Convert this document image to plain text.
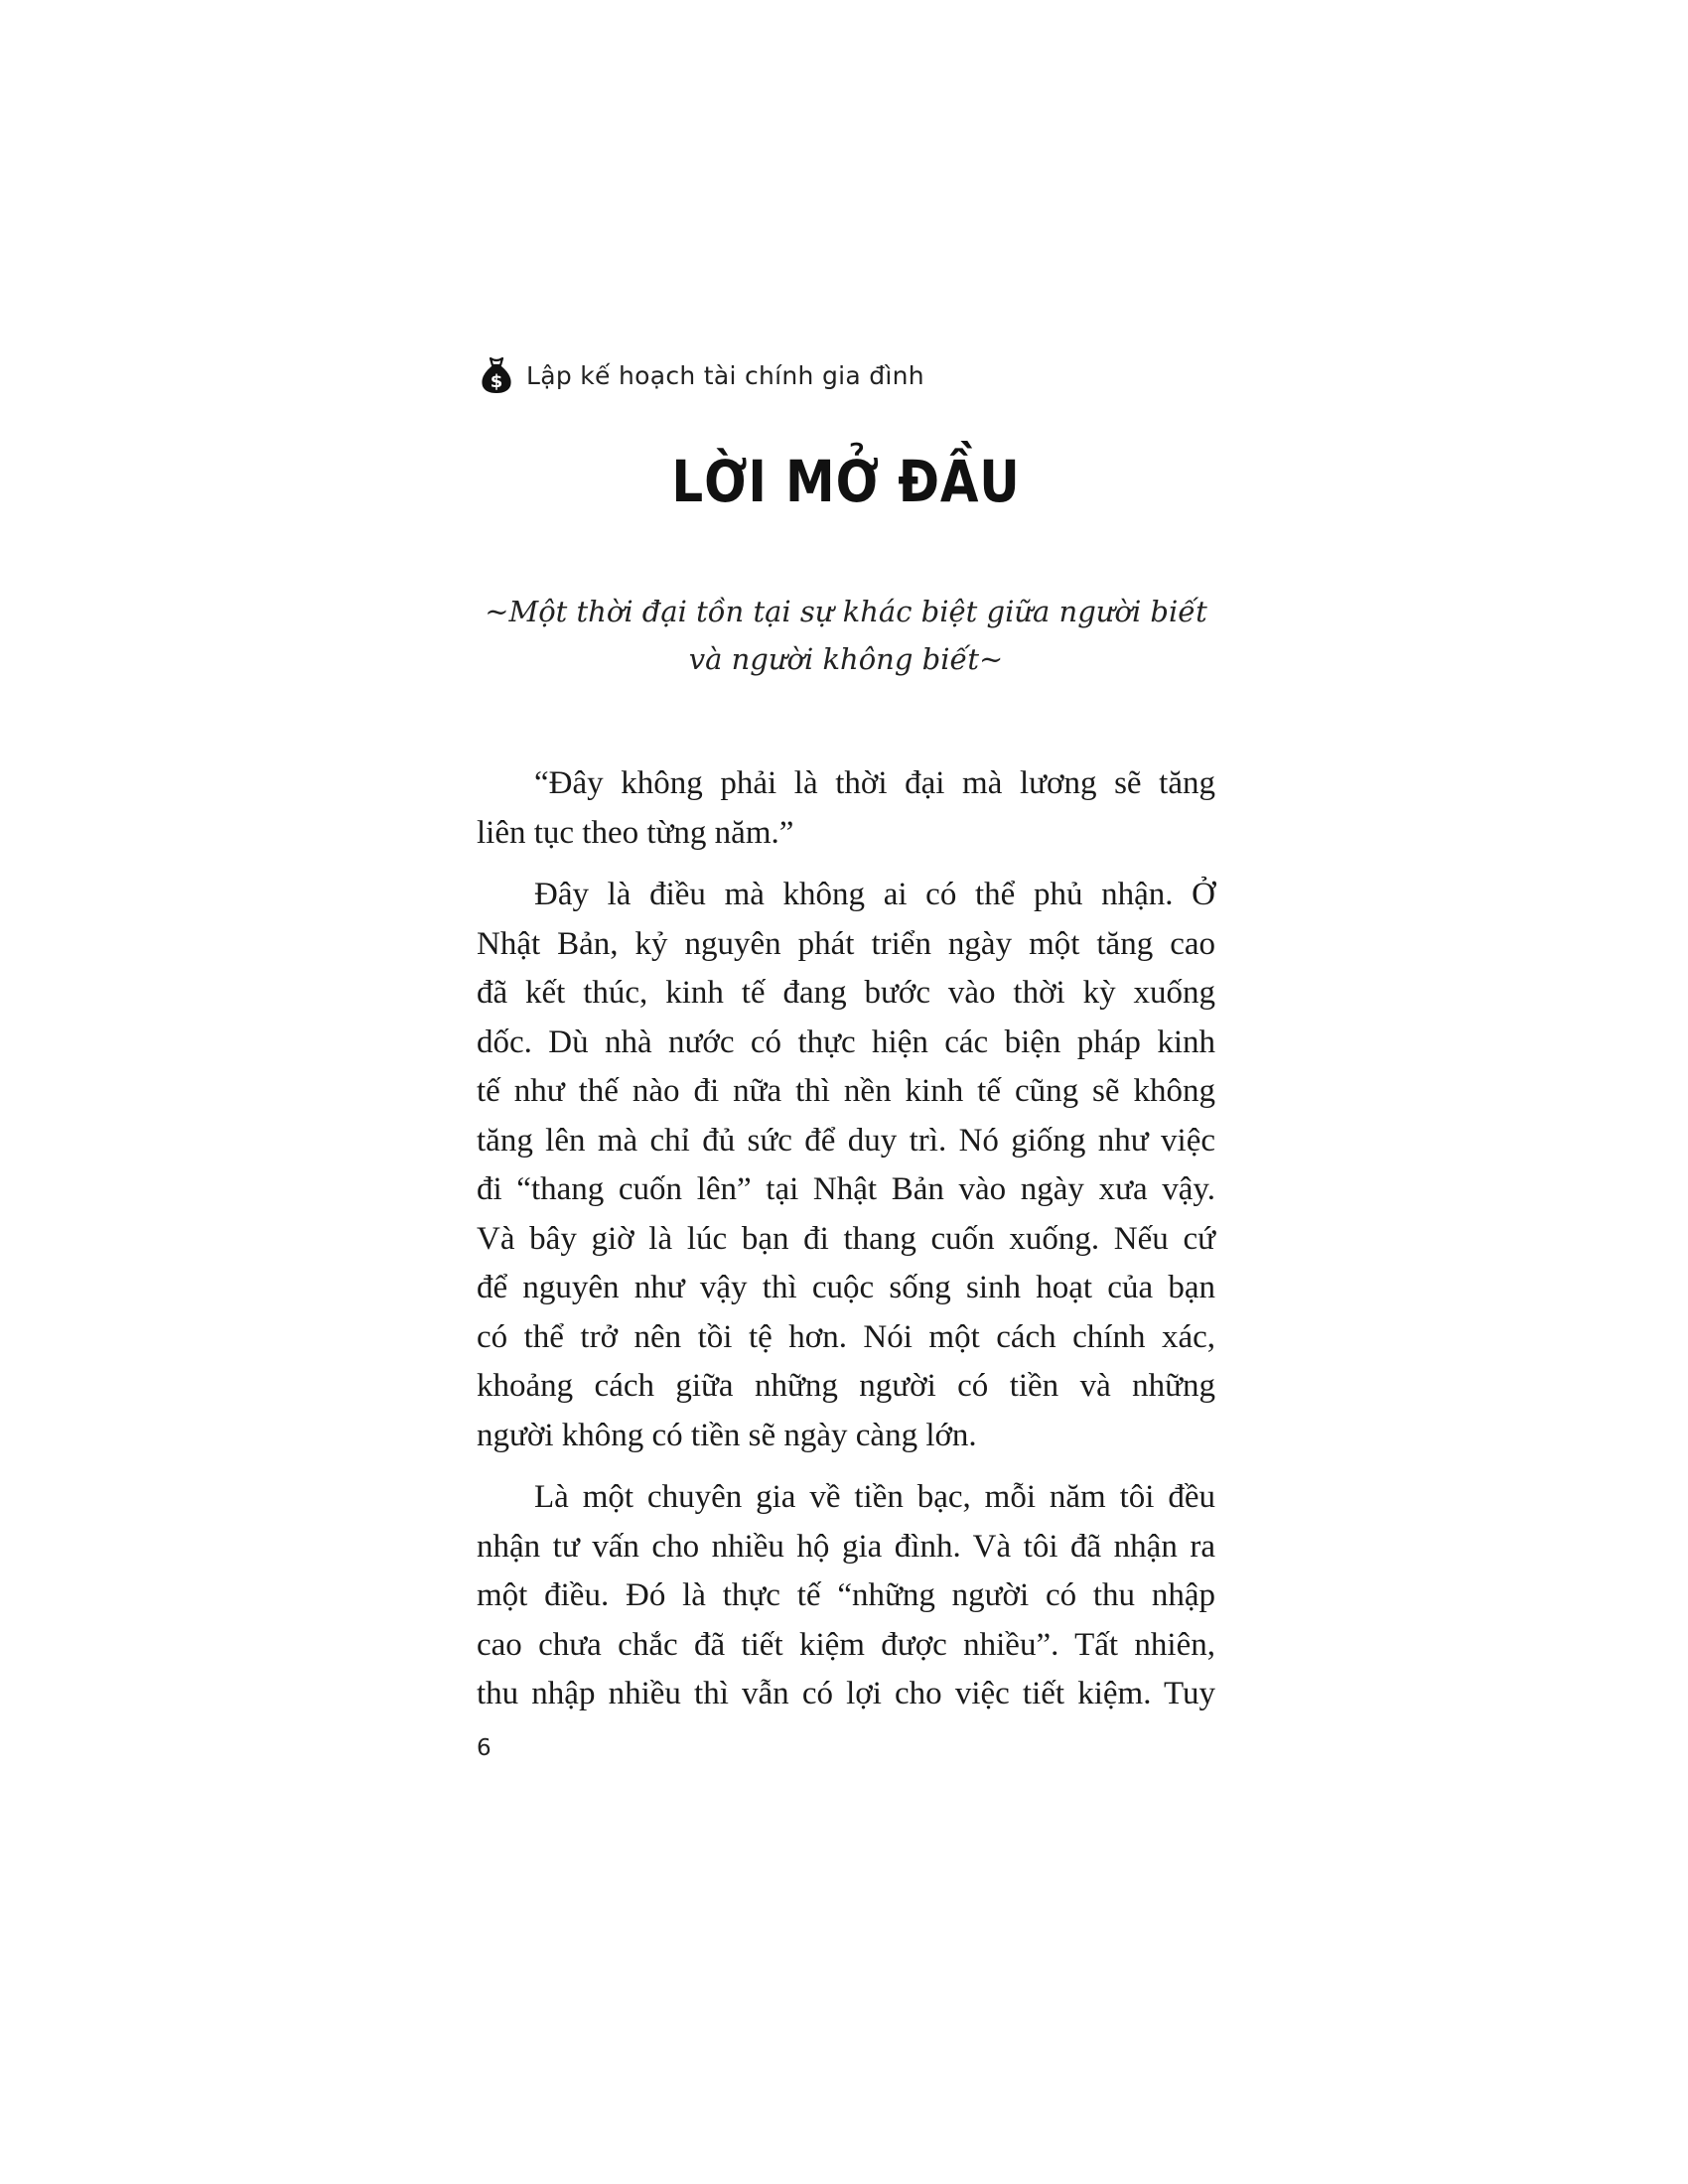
$ Lập kế hoạch tài chính gia đình
LỜI MỞ ĐẦU
~Một thời đại tồn tại sự khác biệt giữa người biết
và người không biết~

“Đây không phải là thời đại mà lương sẽ tăng
liên tục theo từng năm.”

Đây là điều mà không ai có thể phủ nhận. Ở
Nhật Bản, kỷ nguyên phát triển ngày một tăng cao
đã kết thúc, kinh tế đang bước vào thời kỳ xuống
dốc. Dù nhà nước có thực hiện các biện pháp kinh
tế như thế nào đi nữa thì nền kinh tế cũng sẽ không
tăng lên mà chỉ đủ sức để duy trì. Nó giống như việc
đi “thang cuốn lên” tại Nhật Bản vào ngày xưa vậy.
Và bây giờ là lúc bạn đi thang cuốn xuống. Nếu cứ
để nguyên như vậy thì cuộc sống sinh hoạt của bạn
có thể trở nên tồi tệ hơn. Nói một cách chính xác,
khoảng cách giữa những người có tiền và những
người không có tiền sẽ ngày càng lớn.

Là một chuyên gia về tiền bạc, mỗi năm tôi đều
nhận tư vấn cho nhiều hộ gia đình. Và tôi đã nhận ra
một điều. Đó là thực tế “những người có thu nhập
cao chưa chắc đã tiết kiệm được nhiều”. Tất nhiên,
thu nhập nhiều thì vẫn có lợi cho việc tiết kiệm. Tuy

6
